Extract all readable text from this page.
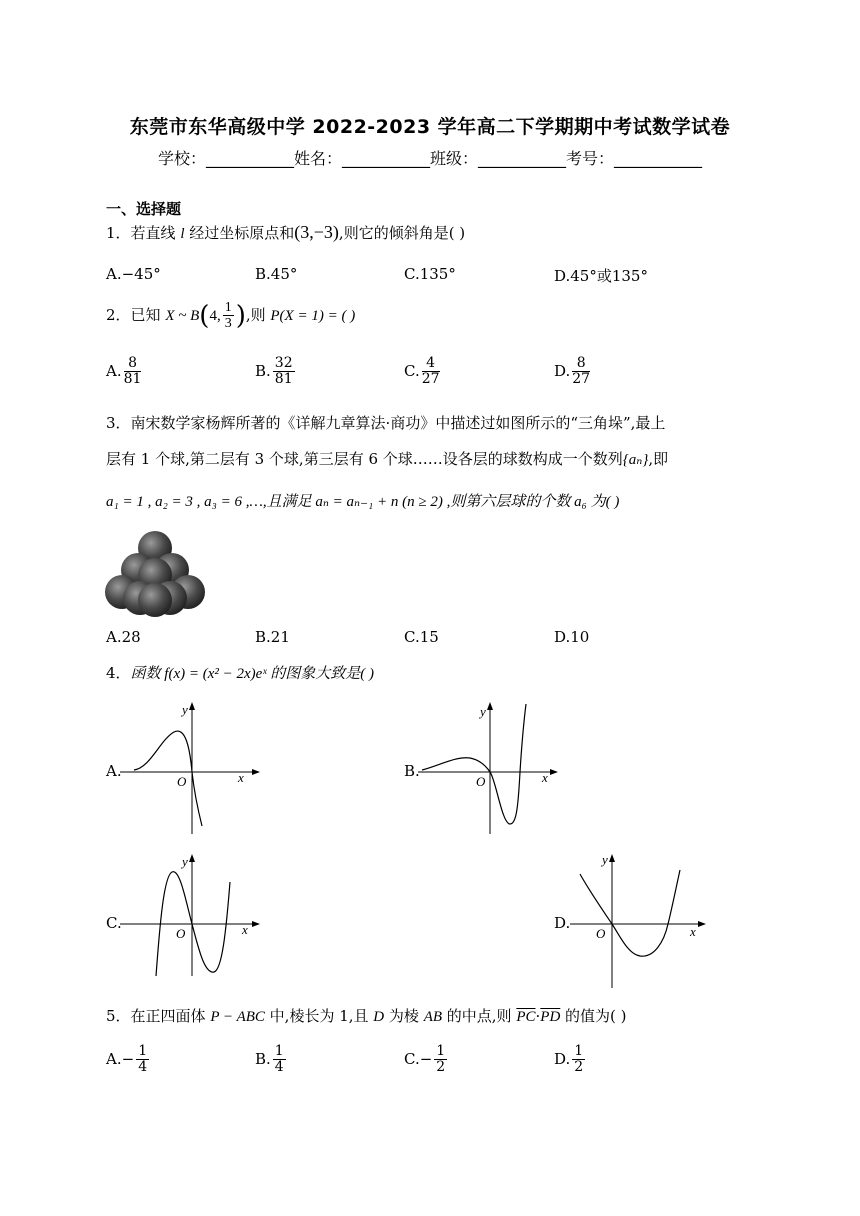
东莞市东华高级中学 2022-2023 学年高二下学期期中考试数学试卷
学校：___________姓名：___________班级：___________考号：___________
一、选择题
1．若直线 l 经过坐标原点和(3,−3),则它的倾斜角是( )
A.−45°	B.45°	C.135°	D.45°或135°
2．已知 X ~ B(4, $\frac{1}{3}$ ),则 P(X = 1) = ( )
A. $\frac{8}{81}$	B. $\frac{32}{81}$	C. $\frac{4}{27}$	D. $\frac{8}{27}$
3．南宋数学家杨辉所著的《详解九章算法·商功》中描述过如图所示的“三角垛”,最上
层有 1 个球,第二层有 3 个球,第三层有 6 个球……设各层的球数构成一个数列{aₙ},即
a₁ = 1 , a₂ = 3 , a₃ = 6 ,…,且满足 aₙ = aₙ₋₁ + n (n ≥ 2) ,则第六层球的个数 a₆ 为( )
A.28	B.21	C.15	D.10
4．函数 f(x) = (x² − 2x)eˣ 的图象大致是( )
A.	x
y
O
B.	x
y
O
C.	x
y
O
D.	x
y
O
5．在正四面体 P − ABC 中,棱长为 1,且 D 为棱 AB 的中点,则 $\overline{PC}\cdot\overline{PD}$ 的值为( )
$A.- \frac{1}{4}$	B. $\frac{1}{4}$	$C.- \frac{1}{2}$	D. $\frac{1}{2}$
